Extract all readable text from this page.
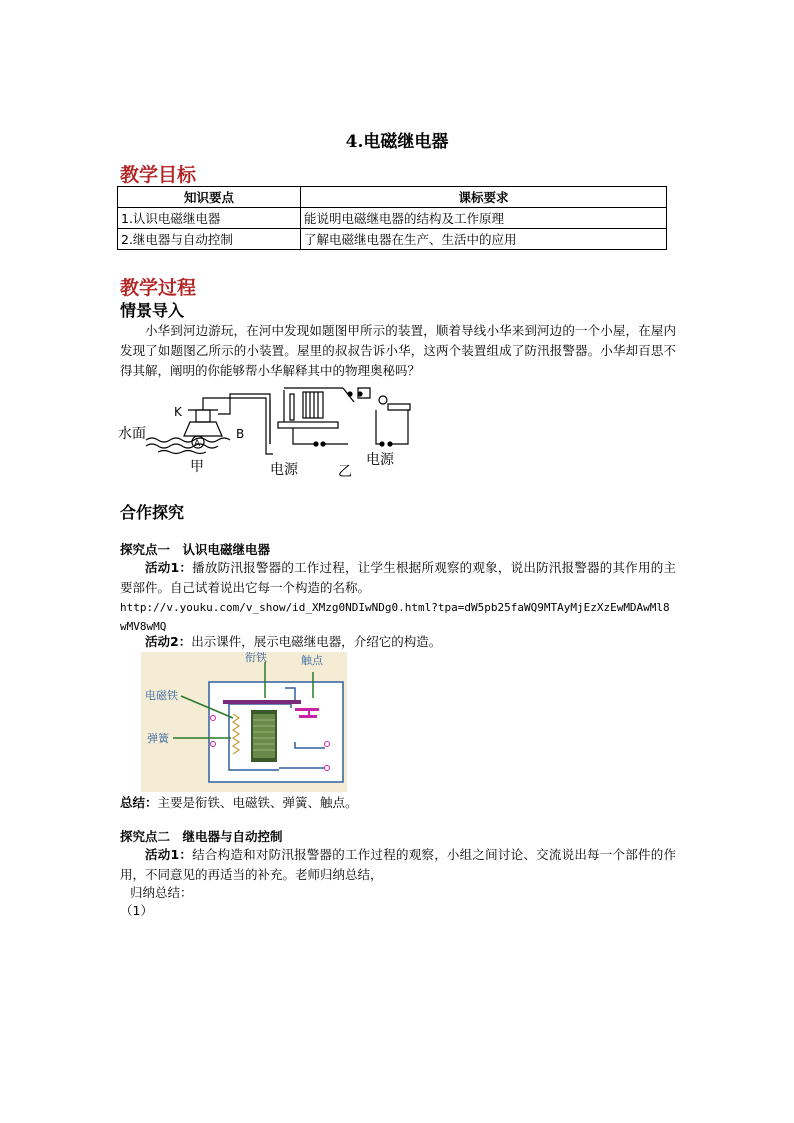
4.电磁继电器
教学目标
知识要点	课标要求
1.认识电磁继电器	能说明电磁继电器的结构及工作原理
2.继电器与自动控制	了解电磁继电器在生产、生活中的应用
教学过程
情景导入
小华到河边游玩，在河中发现如题图甲所示的装置，顺着导线小华来到河边的一个小屋，在屋内发现了如题图乙所示的小装置。屋里的叔叔告诉小华，这两个装置组成了防汛报警器。小华却百思不得其解，阐明的你能够帮小华解释其中的物理奥秘吗？
水面
K
B
A
甲	电源	乙
电源
合作探究
探究点一　认识电磁继电器
活动1：播放防汛报警器的工作过程，让学生根据所观察的观象，说出防汛报警器的其作用的主要部件。自己试着说出它每一个构造的名称。
http://v.youku.com/v_show/id_XMzg0NDIwNDg0.html?tpa=dW5pb25faWQ9MTAyMjEzXzEwMDAwMl8wMV8wMQ
活动2：出示课件，展示电磁继电器，介绍它的构造。
衔铁	触点
电磁铁
弹簧
总结：主要是衔铁、电磁铁、弹簧、触点。
探究点二　继电器与自动控制
活动1：结合构造和对防汛报警器的工作过程的观察，小组之间讨论、交流说出每一个部件的作用，不同意见的再适当的补充。老师归纳总结，
归纳总结：
（1）
